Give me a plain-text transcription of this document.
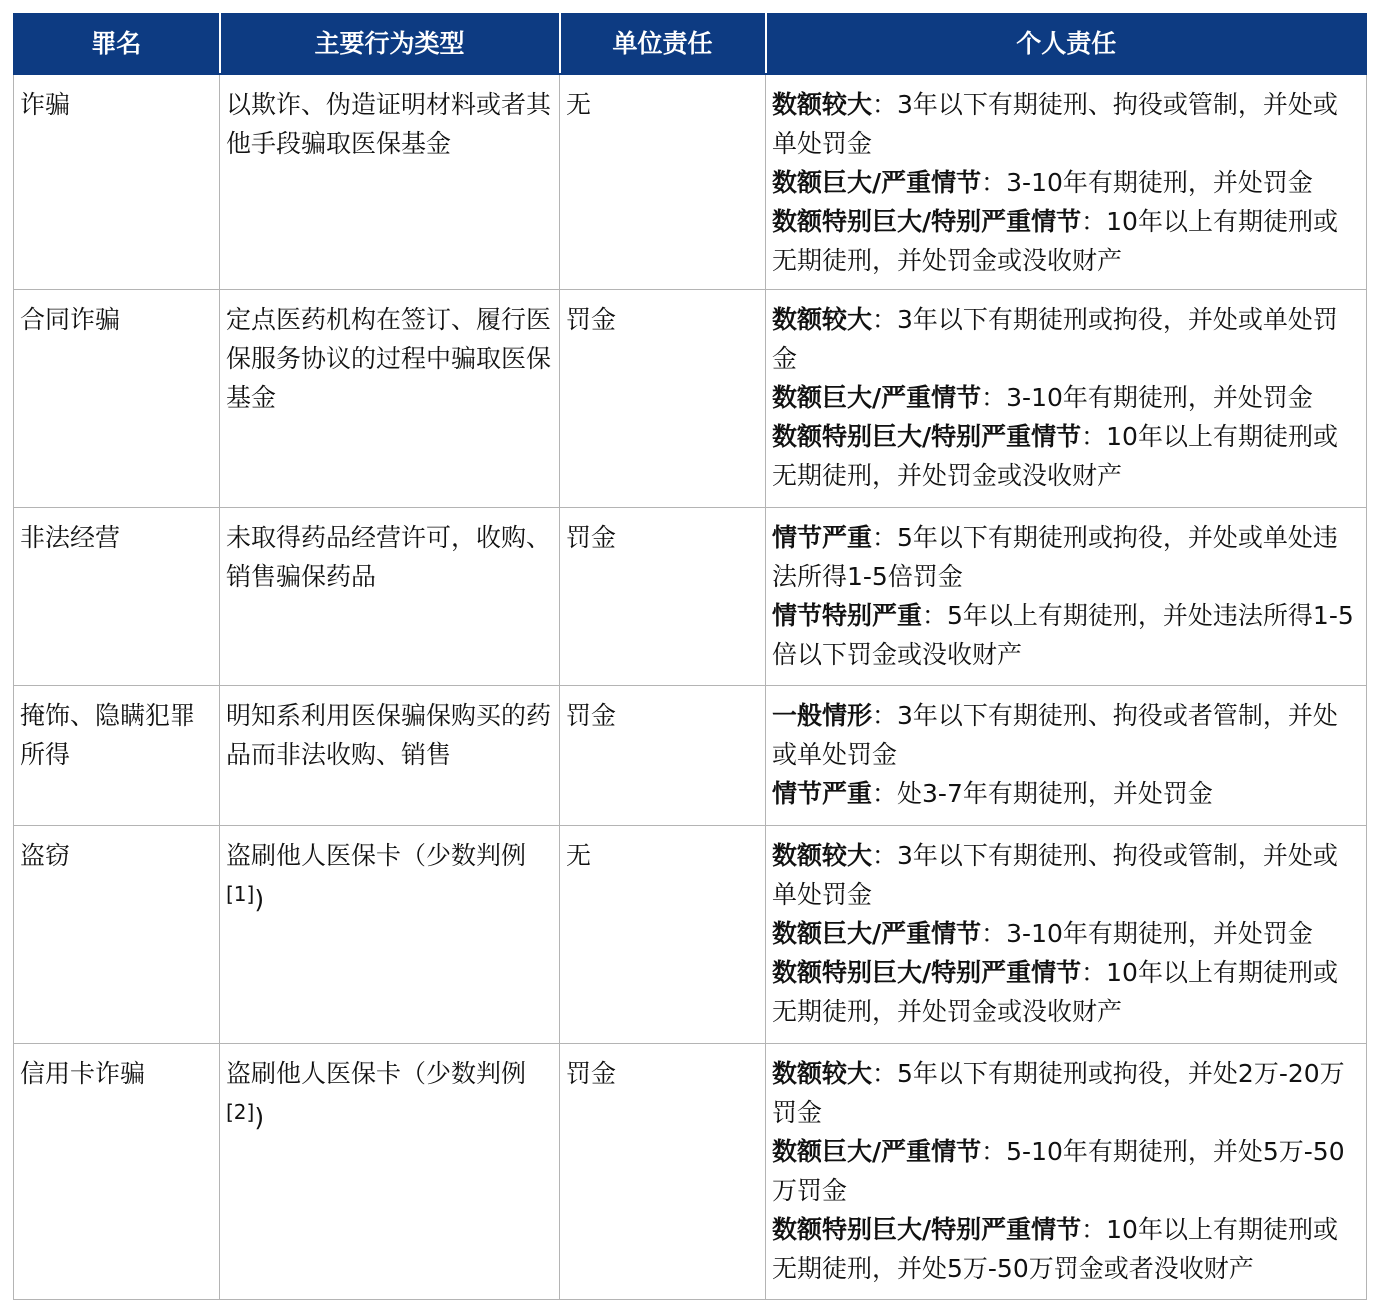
罪名	主要行为类型	单位责任	个人责任
诈骗	以欺诈、伪造证明材料或者其他手段骗取医保基金	无	数额较大：3年以下有期徒刑、拘役或管制，并处或单处罚金
数额巨大/严重情节：3-10年有期徒刑，并处罚金
数额特别巨大/特别严重情节：10年以上有期徒刑或无期徒刑，并处罚金或没收财产

合同诈骗	定点医药机构在签订、履行医保服务协议的过程中骗取医保基金	罚金	数额较大：3年以下有期徒刑或拘役，并处或单处罚金
数额巨大/严重情节：3-10年有期徒刑，并处罚金
数额特别巨大/特别严重情节：10年以上有期徒刑或无期徒刑，并处罚金或没收财产

非法经营	未取得药品经营许可，收购、销售骗保药品	罚金	情节严重：5年以下有期徒刑或拘役，并处或单处违法所得1-5倍罚金
情节特别严重：5年以上有期徒刑，并处违法所得1-5倍以下罚金或没收财产

掩饰、隐瞒犯罪所得	明知系利用医保骗保购买的药品而非法收购、销售	罚金	一般情形：3年以下有期徒刑、拘役或者管制，并处或单处罚金
情节严重：处3-7年有期徒刑，并处罚金

盗窃	盗刷他人医保卡（少数判例[1])	无	数额较大：3年以下有期徒刑、拘役或管制，并处或单处罚金
数额巨大/严重情节：3-10年有期徒刑，并处罚金
数额特别巨大/特别严重情节：10年以上有期徒刑或无期徒刑，并处罚金或没收财产

信用卡诈骗	盗刷他人医保卡（少数判例[2])	罚金	数额较大：5年以下有期徒刑或拘役，并处2万-20万罚金
数额巨大/严重情节：5-10年有期徒刑，并处5万-50万罚金
数额特别巨大/特别严重情节：10年以上有期徒刑或无期徒刑，并处5万-50万罚金或者没收财产
